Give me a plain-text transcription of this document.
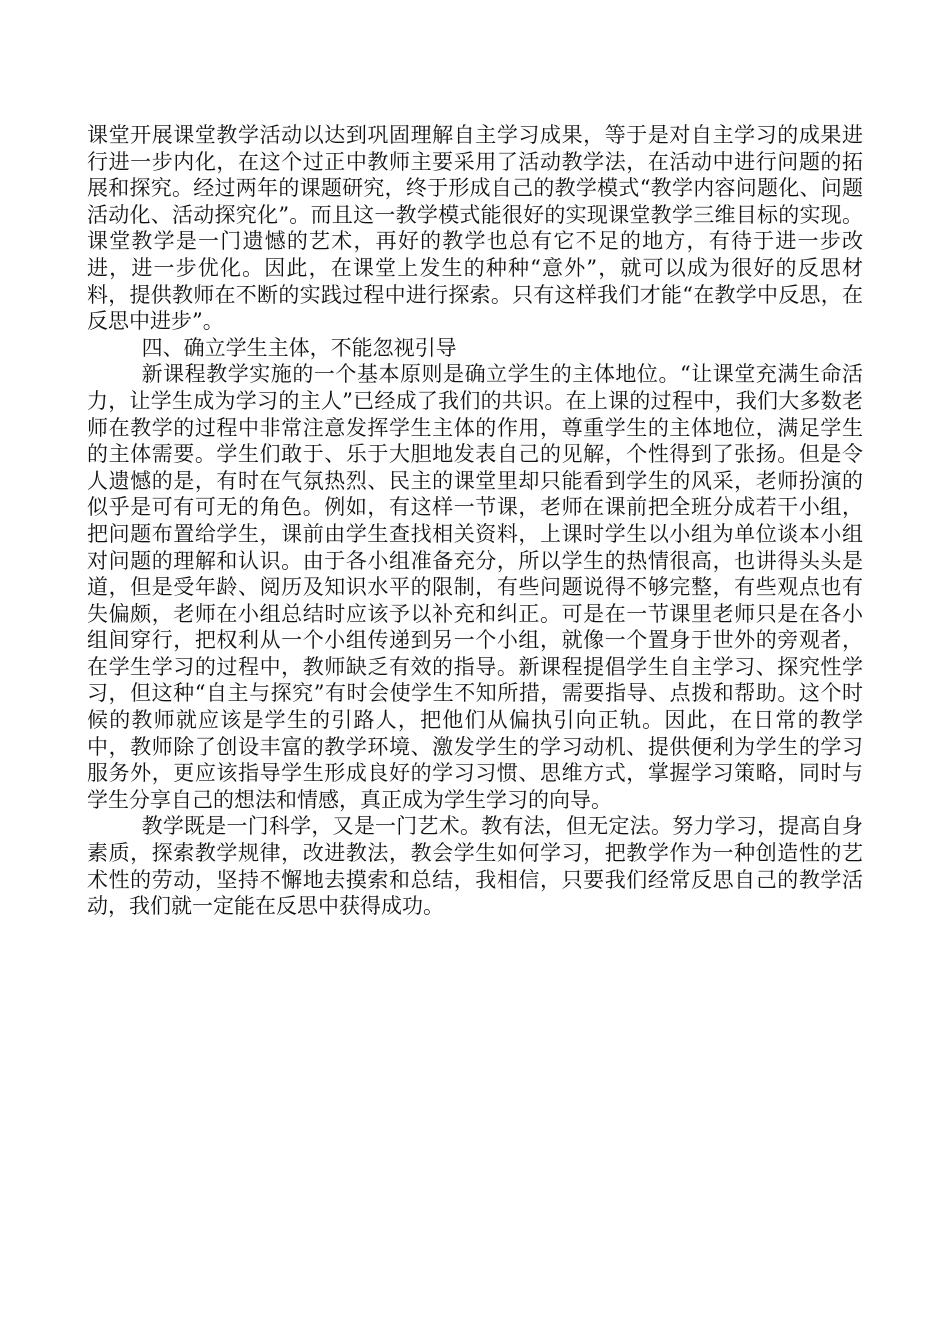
课堂开展课堂教学活动以达到巩固理解自主学习成果，等于是对自主学习的成果进行进一步内化，在这个过正中教师主要采用了活动教学法，在活动中进行问题的拓展和探究。经过两年的课题研究，终于形成自己的教学模式“教学内容问题化、问题活动化、活动探究化”。而且这一教学模式能很好的实现课堂教学三维目标的实现。课堂教学是一门遗憾的艺术，再好的教学也总有它不足的地方，有待于进一步改进，进一步优化。因此，在课堂上发生的种种“意外”，就可以成为很好的反思材料，提供教师在不断的实践过程中进行探索。只有这样我们才能“在教学中反思，在反思中进步”。

四、确立学生主体，不能忽视引导

新课程教学实施的一个基本原则是确立学生的主体地位。“让课堂充满生命活力，让学生成为学习的主人”已经成了我们的共识。在上课的过程中，我们大多数老师在教学的过程中非常注意发挥学生主体的作用，尊重学生的主体地位，满足学生的主体需要。学生们敢于、乐于大胆地发表自己的见解，个性得到了张扬。但是令人遗憾的是，有时在气氛热烈、民主的课堂里却只能看到学生的风采，老师扮演的似乎是可有可无的角色。例如，有这样一节课，老师在课前把全班分成若干小组，把问题布置给学生，课前由学生查找相关资料，上课时学生以小组为单位谈本小组对问题的理解和认识。由于各小组准备充分，所以学生的热情很高，也讲得头头是道，但是受年龄、阅历及知识水平的限制，有些问题说得不够完整，有些观点也有失偏颇，老师在小组总结时应该予以补充和纠正。可是在一节课里老师只是在各小组间穿行，把权利从一个小组传递到另一个小组，就像一个置身于世外的旁观者，在学生学习的过程中，教师缺乏有效的指导。新课程提倡学生自主学习、探究性学习，但这种“自主与探究”有时会使学生不知所措，需要指导、点拨和帮助。这个时候的教师就应该是学生的引路人，把他们从偏执引向正轨。因此，在日常的教学中，教师除了创设丰富的教学环境、激发学生的学习动机、提供便利为学生的学习服务外，更应该指导学生形成良好的学习习惯、思维方式，掌握学习策略，同时与学生分享自己的想法和情感，真正成为学生学习的向导。

教学既是一门科学，又是一门艺术。教有法，但无定法。努力学习，提高自身素质，探索教学规律，改进教法，教会学生如何学习，把教学作为一种创造性的艺术性的劳动，坚持不懈地去摸索和总结，我相信，只要我们经常反思自己的教学活动，我们就一定能在反思中获得成功。
